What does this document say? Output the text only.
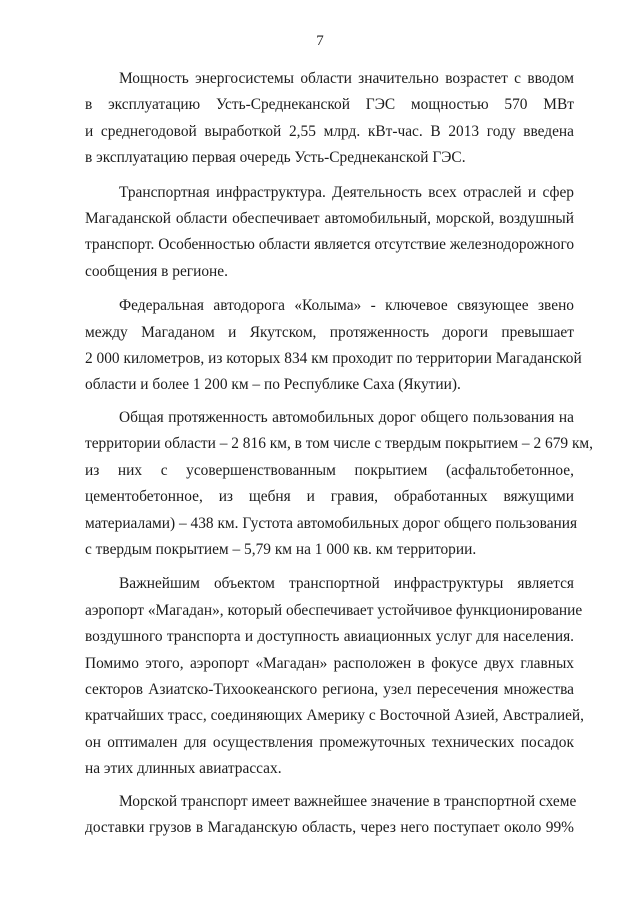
7

Мощность энергосистемы области значительно возрастет с вводом
в эксплуатацию Усть-Среднеканской ГЭС мощностью 570 МВт
и среднегодовой выработкой 2,55 млрд. кВт-час. В 2013 году введена
в эксплуатацию первая очередь Усть-Среднеканской ГЭС.

Транспортная инфраструктура. Деятельность всех отраслей и сфер
Магаданской области обеспечивает автомобильный, морской, воздушный
транспорт. Особенностью области является отсутствие железнодорожного
сообщения в регионе.

Федеральная автодорога «Колыма» - ключевое связующее звено
между Магаданом и Якутском, протяженность дороги превышает
2 000 километров, из которых 834 км проходит по территории Магаданской
области и более 1 200 км – по Республике Саха (Якутии).

Общая протяженность автомобильных дорог общего пользования на
территории области – 2 816 км, в том числе с твердым покрытием – 2 679 км,
из них с усовершенствованным покрытием (асфальтобетонное,
цементобетонное, из щебня и гравия, обработанных вяжущими
материалами) – 438 км. Густота автомобильных дорог общего пользования
с твердым покрытием – 5,79 км на 1 000 кв. км территории.

Важнейшим объектом транспортной инфраструктуры является
аэропорт «Магадан», который обеспечивает устойчивое функционирование
воздушного транспорта и доступность авиационных услуг для населения.
Помимо этого, аэропорт «Магадан» расположен в фокусе двух главных
секторов Азиатско-Тихоокеанского региона, узел пересечения множества
кратчайших трасс, соединяющих Америку с Восточной Азией, Австралией,
он оптимален для осуществления промежуточных технических посадок
на этих длинных авиатрассах.

Морской транспорт имеет важнейшее значение в транспортной схеме
доставки грузов в Магаданскую область, через него поступает около 99%
